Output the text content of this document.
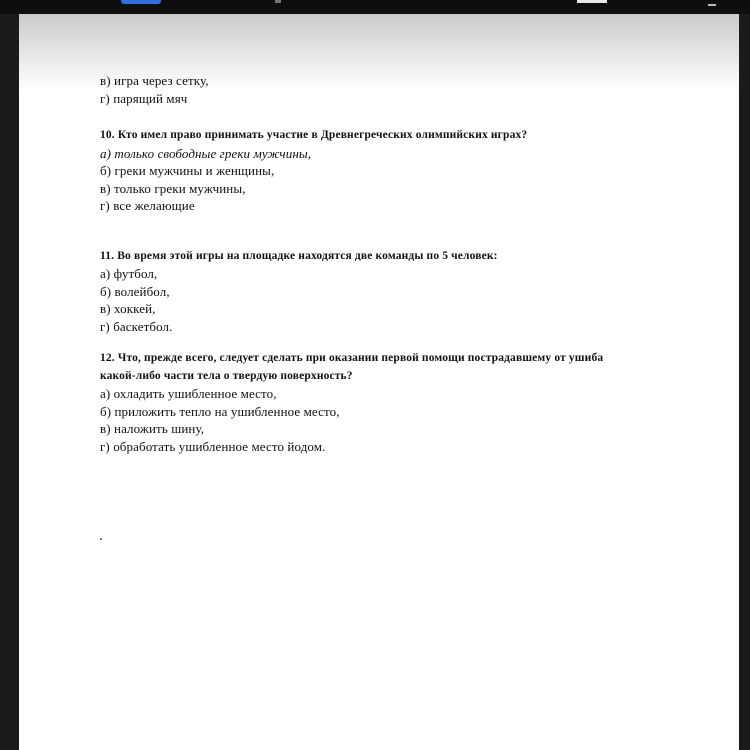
в) игра через сетку,
г) парящий мяч
10. Кто имел право принимать участие в Древнегреческих олимпийских играх?
а) только свободные греки мужчины,
б) греки мужчины и женщины,
в) только греки мужчины,
г) все желающие
11. Во время этой игры на площадке находятся две команды по 5 человек:
а) футбол,
б) волейбол,
в) хоккей,
г) баскетбол.
12. Что, прежде всего, следует сделать при оказании первой помощи пострадавшему от ушиба
какой-либо части тела о твердую поверхность?
а) охладить ушибленное место,
б) приложить тепло на ушибленное место,
в) наложить шину,
г) обработать ушибленное место йодом.
